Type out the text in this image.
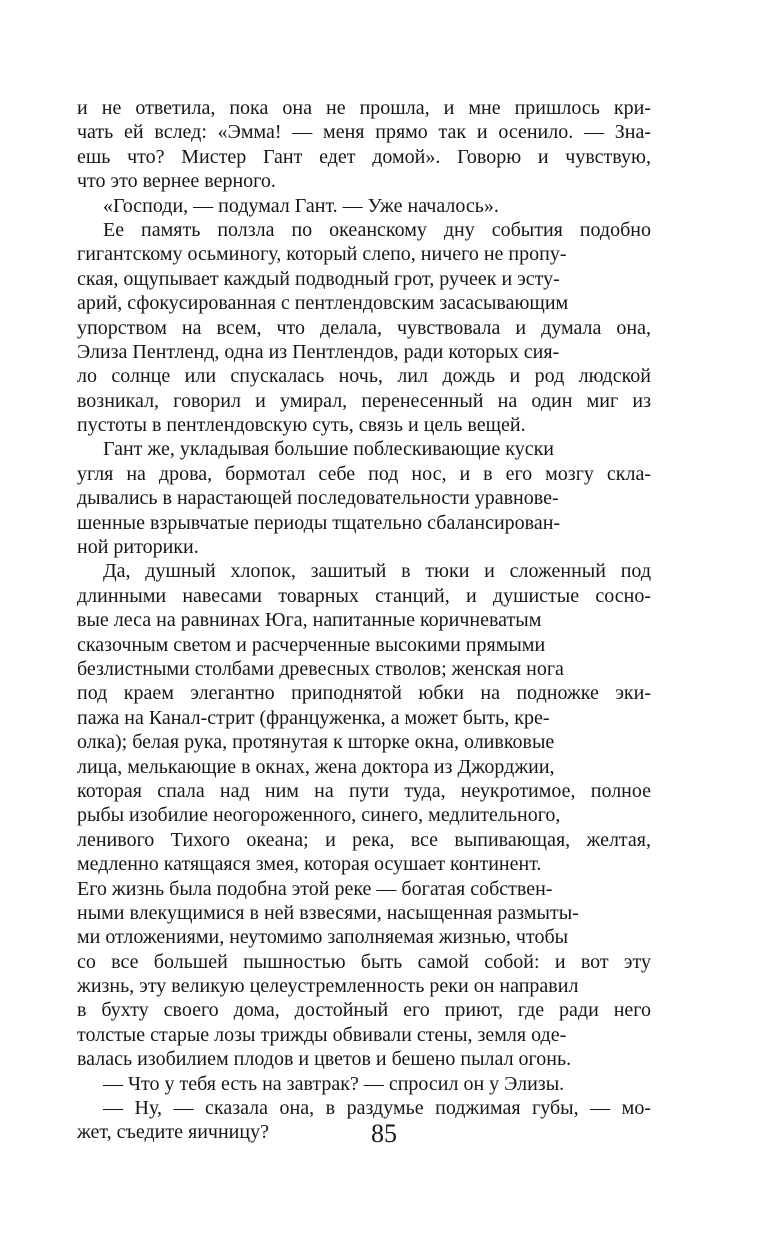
и не ответила, пока она не прошла, и мне пришлось кри-
чать ей вслед: «Эмма! — меня прямо так и осенило. — Зна-
ешь что? Мистер Гант едет домой». Говорю и чувствую,
что это вернее верного.
«Господи, — подумал Гант. — Уже началось».
Ее память ползла по океанскому дну события подобно
гигантскому осьминогу, который слепо, ничего не пропу-
ская, ощупывает каждый подводный грот, ручеек и эсту-
арий, сфокусированная с пентлендовским засасывающим
упорством на всем, что делала, чувствовала и думала она,
Элиза Пентленд, одна из Пентлендов, ради которых сия-
ло солнце или спускалась ночь, лил дождь и род людской
возникал, говорил и умирал, перенесенный на один миг из
пустоты в пентлендовскую суть, связь и цель вещей.
Гант же, укладывая большие поблескивающие куски
угля на дрова, бормотал себе под нос, и в его мозгу скла-
дывались в нарастающей последовательности уравнове-
шенные взрывчатые периоды тщательно сбалансирован-
ной риторики.
Да, душный хлопок, зашитый в тюки и сложенный под
длинными навесами товарных станций, и душистые сосно-
вые леса на равнинах Юга, напитанные коричневатым
сказочным светом и расчерченные высокими прямыми
безлистными столбами древесных стволов; женская нога
под краем элегантно приподнятой юбки на подножке эки-
пажа на Канал-стрит (француженка, а может быть, кре-
олка); белая рука, протянутая к шторке окна, оливковые
лица, мелькающие в окнах, жена доктора из Джорджии,
которая спала над ним на пути туда, неукротимое, полное
рыбы изобилие неогороженного, синего, медлительного,
ленивого Тихого океана; и река, все выпивающая, желтая,
медленно катящаяся змея, которая осушает континент.
Его жизнь была подобна этой реке — богатая собствен-
ными влекущимися в ней взвесями, насыщенная размыты-
ми отложениями, неутомимо заполняемая жизнью, чтобы
со все большей пышностью быть самой собой: и вот эту
жизнь, эту великую целеустремленность реки он направил
в бухту своего дома, достойный его приют, где ради него
толстые старые лозы трижды обвивали стены, земля оде-
валась изобилием плодов и цветов и бешено пылал огонь.
— Что у тебя есть на завтрак? — спросил он у Элизы.
— Ну, — сказала она, в раздумье поджимая губы, — мо-
жет, съедите яичницу?	85
